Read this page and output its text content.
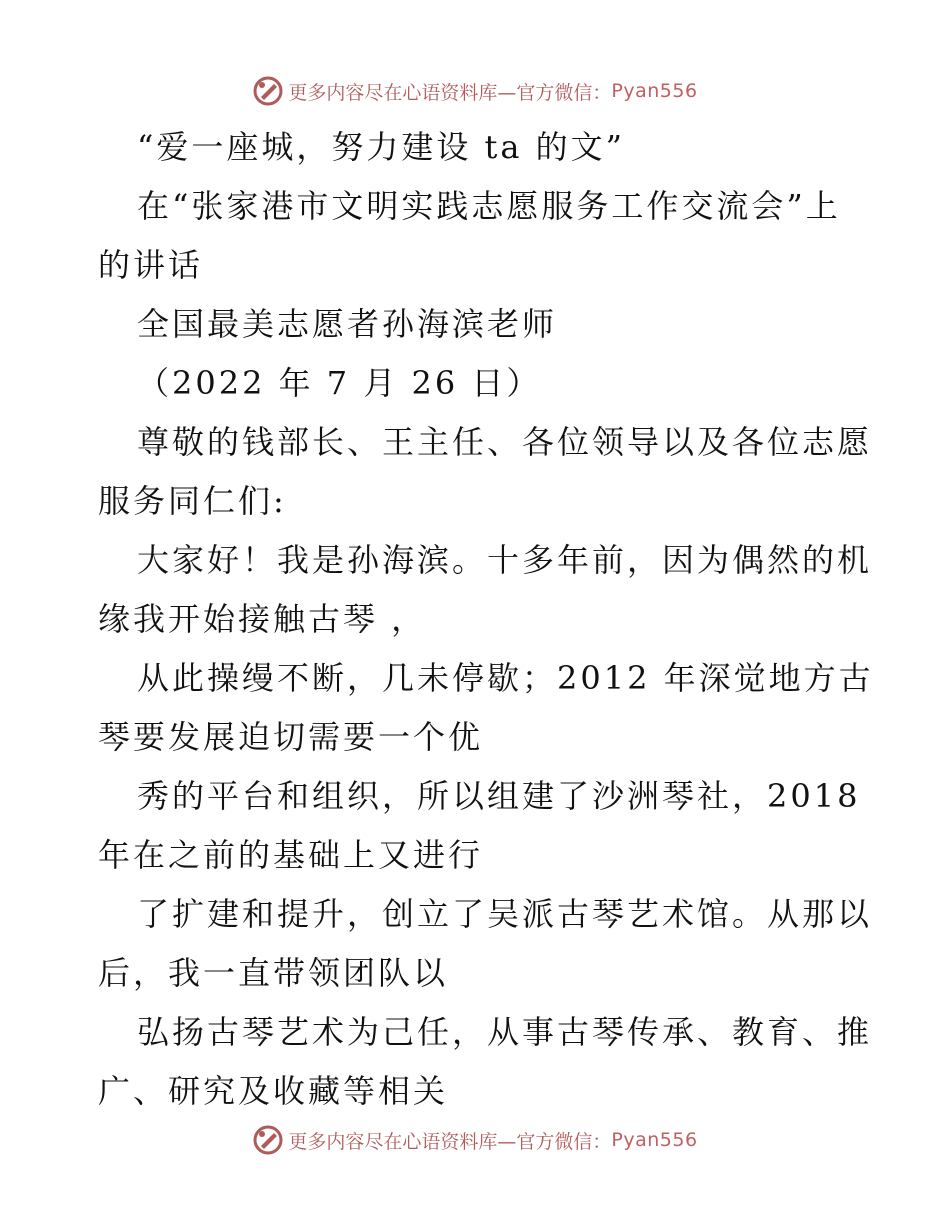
更多内容尽在心语资料库—官方微信： Pyan556
“爱一座城，努力建设 ta 的文”
在“张家港市文明实践志愿服务工作交流会”上
的讲话
全国最美志愿者孙海滨老师
（2022 年 7 月 26 日）
尊敬的钱部长、王主任、各位领导以及各位志愿
服务同仁们:
大家好！我是孙海滨。十多年前，因为偶然的机
缘我开始接触古琴 ，
从此操缦不断，几未停歇；2012 年深觉地方古
琴要发展迫切需要一个优
秀的平台和组织，所以组建了沙洲琴社，2018
年在之前的基础上又进行
了扩建和提升，创立了吴派古琴艺术馆。从那以
后，我一直带领团队以
弘扬古琴艺术为己任，从事古琴传承、教育、推
广、研究及收藏等相关
更多内容尽在心语资料库—官方微信： Pyan556
